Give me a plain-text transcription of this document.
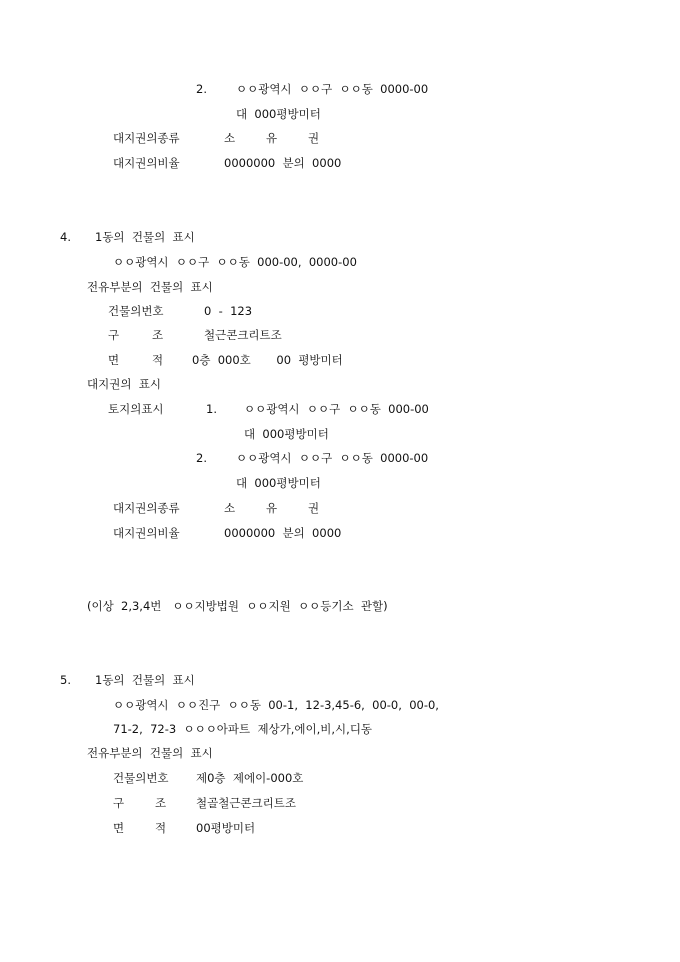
2.	ㅇㅇ광역시  ㅇㅇ구  ㅇㅇ동  0000-00
대  000평방미터
대지권의종류	소	유	권
대지권의비율	0000000  분의  0000
4. 1동의  건물의  표시
ㅇㅇ광역시  ㅇㅇ구  ㅇㅇ동  000-00,  0000-00
전유부분의  건물의  표시
건물의번호	0  -  123
구	조	철근콘크리트조
면	적	0층  000호       00  평방미터
대지권의  표시
토지의표시	1. ㅇㅇ광역시  ㅇㅇ구  ㅇㅇ동  000-00
대  000평방미터
2.	ㅇㅇ광역시  ㅇㅇ구  ㅇㅇ동  0000-00
대  000평방미터
대지권의종류	소	유	권
대지권의비율	0000000  분의  0000
(이상  2,3,4번   ㅇㅇ지방법원  ㅇㅇ지원  ㅇㅇ등기소  관할)
5. 1동의  건물의  표시
ㅇㅇ광역시  ㅇㅇ진구  ㅇㅇ동  00-1,  12-3,45-6,  00-0,  00-0,
71-2,  72-3  ㅇㅇㅇ아파트  제상가,에이,비,시,디동
전유부분의  건물의  표시
건물의번호 제0층  제에이-000호
구	조	철골철근콘크리트조
면	적	00평방미터
